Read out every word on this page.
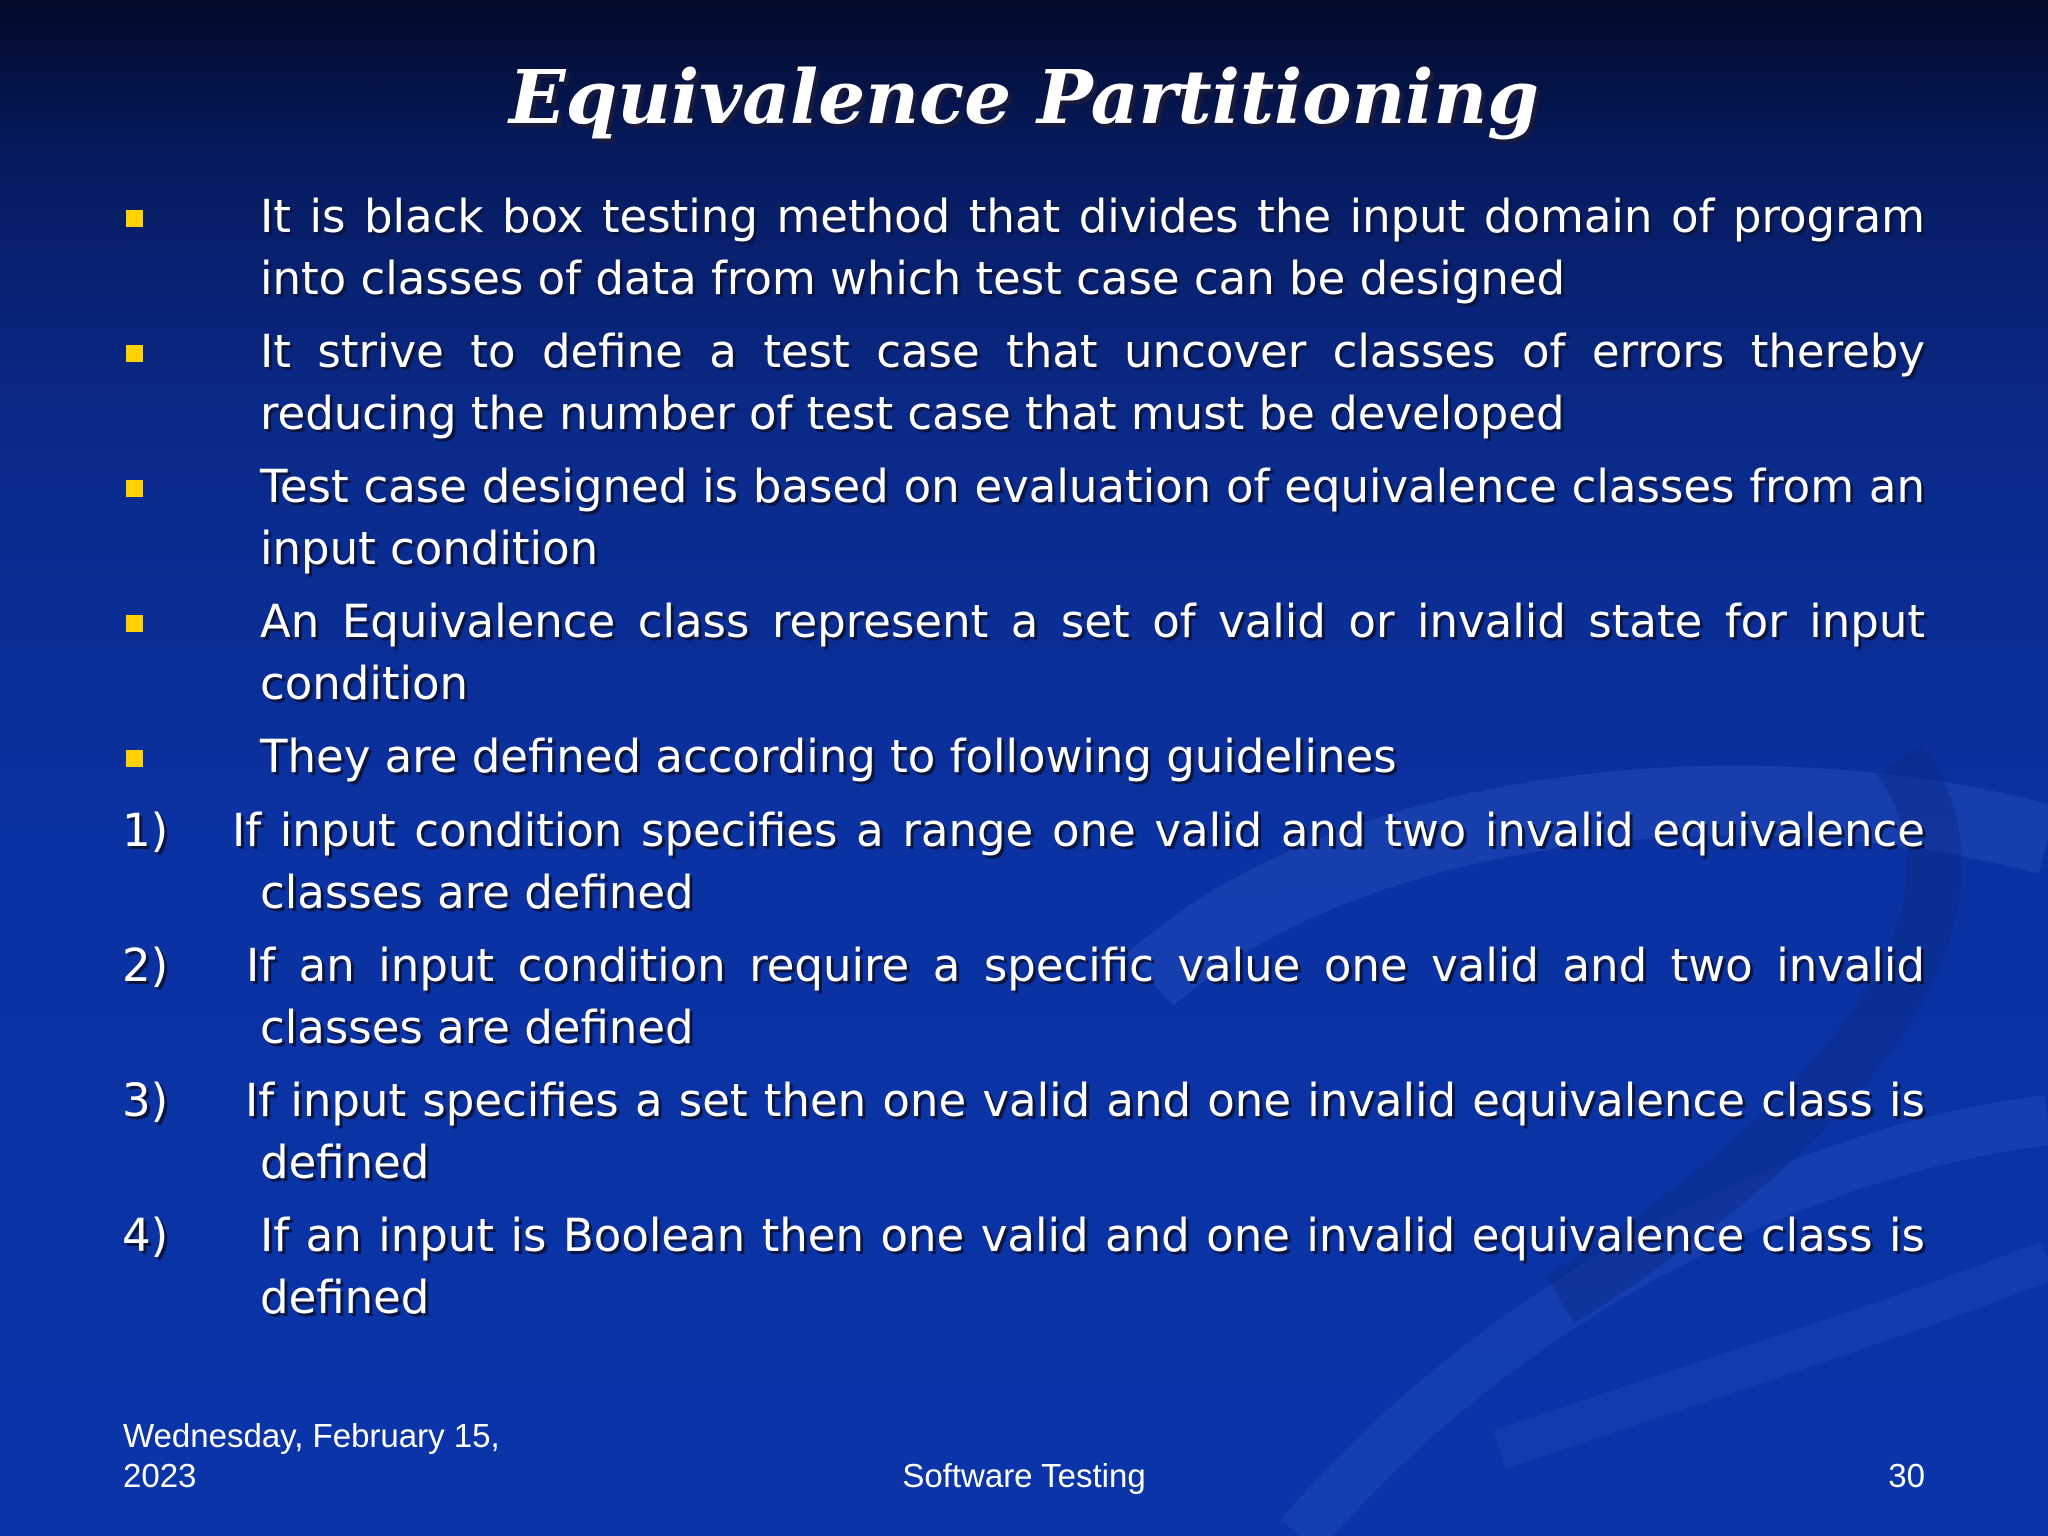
Equivalence Partitioning
It is black box testing method that divides the input domain of program into classes of data from which test case can be designed
It strive to define a test case that uncover classes of errors thereby reducing the number of test case that must be developed
Test case designed is based on evaluation of equivalence classes from an input condition
An Equivalence class represent a set of valid or invalid state for input condition
They are defined according to following guidelines
1) If input condition specifies a range one valid and two invalid equivalence classes are defined
2) If an input condition require a specific value one valid and two invalid classes are defined
3) If input specifies a set then one valid and one invalid equivalence class is defined
4) If an input is Boolean then one valid and one invalid equivalence class is defined
Wednesday, February 15,
2023	Software Testing	30
